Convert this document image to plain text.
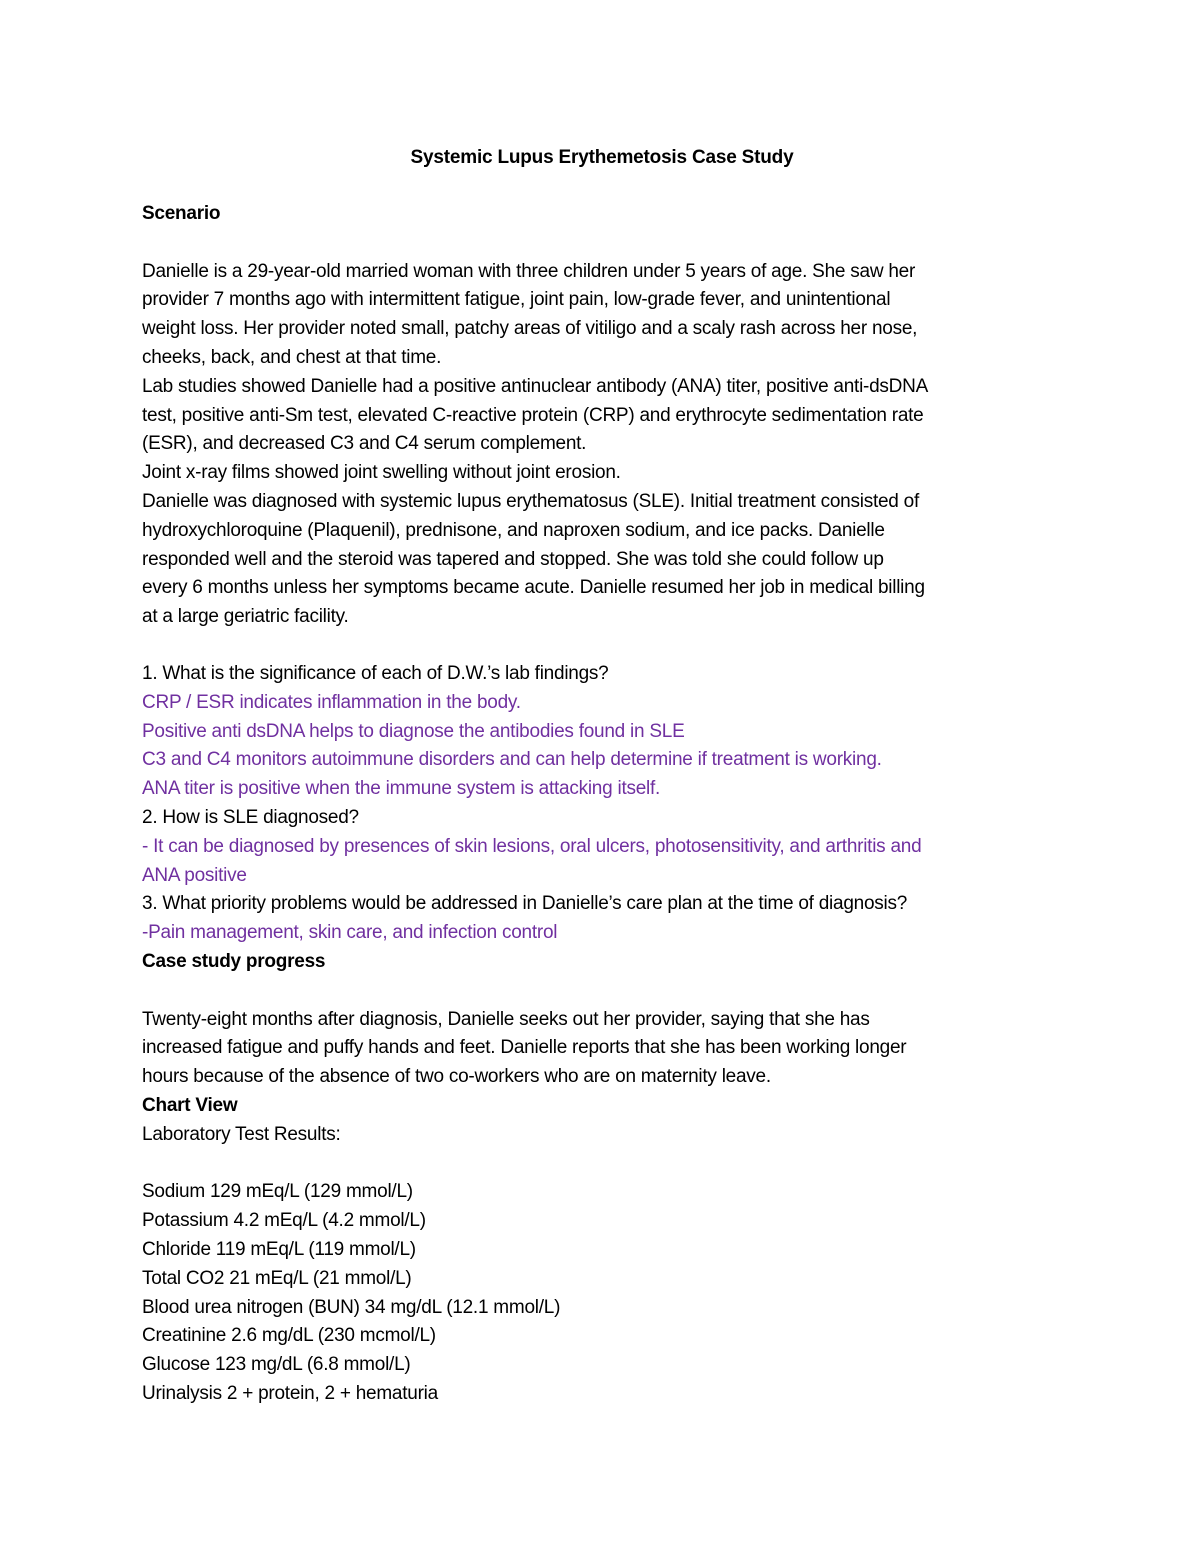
Systemic Lupus Erythemetosis Case Study
Scenario

Danielle is a 29-year-old married woman with three children under 5 years of age. She saw her
provider 7 months ago with intermittent fatigue, joint pain, low-grade fever, and unintentional
weight loss. Her provider noted small, patchy areas of vitiligo and a scaly rash across her nose,
cheeks, back, and chest at that time.
Lab studies showed Danielle had a positive antinuclear antibody (ANA) titer, positive anti-dsDNA
test, positive anti-Sm test, elevated C-reactive protein (CRP) and erythrocyte sedimentation rate
(ESR), and decreased C3 and C4 serum complement.
Joint x-ray films showed joint swelling without joint erosion.
Danielle was diagnosed with systemic lupus erythematosus (SLE). Initial treatment consisted of
hydroxychloroquine (Plaquenil), prednisone, and naproxen sodium, and ice packs. Danielle
responded well and the steroid was tapered and stopped. She was told she could follow up
every 6 months unless her symptoms became acute. Danielle resumed her job in medical billing
at a large geriatric facility.
1. What is the significance of each of D.W.’s lab findings?
CRP / ESR indicates inflammation in the body.
Positive anti dsDNA helps to diagnose the antibodies found in SLE
C3 and C4 monitors autoimmune disorders and can help determine if treatment is working.
ANA titer is positive when the immune system is attacking itself.
2. How is SLE diagnosed?
- It can be diagnosed by presences of skin lesions, oral ulcers, photosensitivity, and arthritis and
ANA positive
3. What priority problems would be addressed in Danielle’s care plan at the time of diagnosis?
-Pain management, skin care, and infection control
Case study progress

Twenty-eight months after diagnosis, Danielle seeks out her provider, saying that she has
increased fatigue and puffy hands and feet. Danielle reports that she has been working longer
hours because of the absence of two co-workers who are on maternity leave.
Chart View
Laboratory Test Results:

Sodium 129 mEq/L (129 mmol/L)
Potassium 4.2 mEq/L (4.2 mmol/L)
Chloride 119 mEq/L (119 mmol/L)
Total CO2 21 mEq/L (21 mmol/L)
Blood urea nitrogen (BUN) 34 mg/dL (12.1 mmol/L)
Creatinine 2.6 mg/dL (230 mcmol/L)
Glucose 123 mg/dL (6.8 mmol/L)
Urinalysis 2 + protein, 2 + hematuria
